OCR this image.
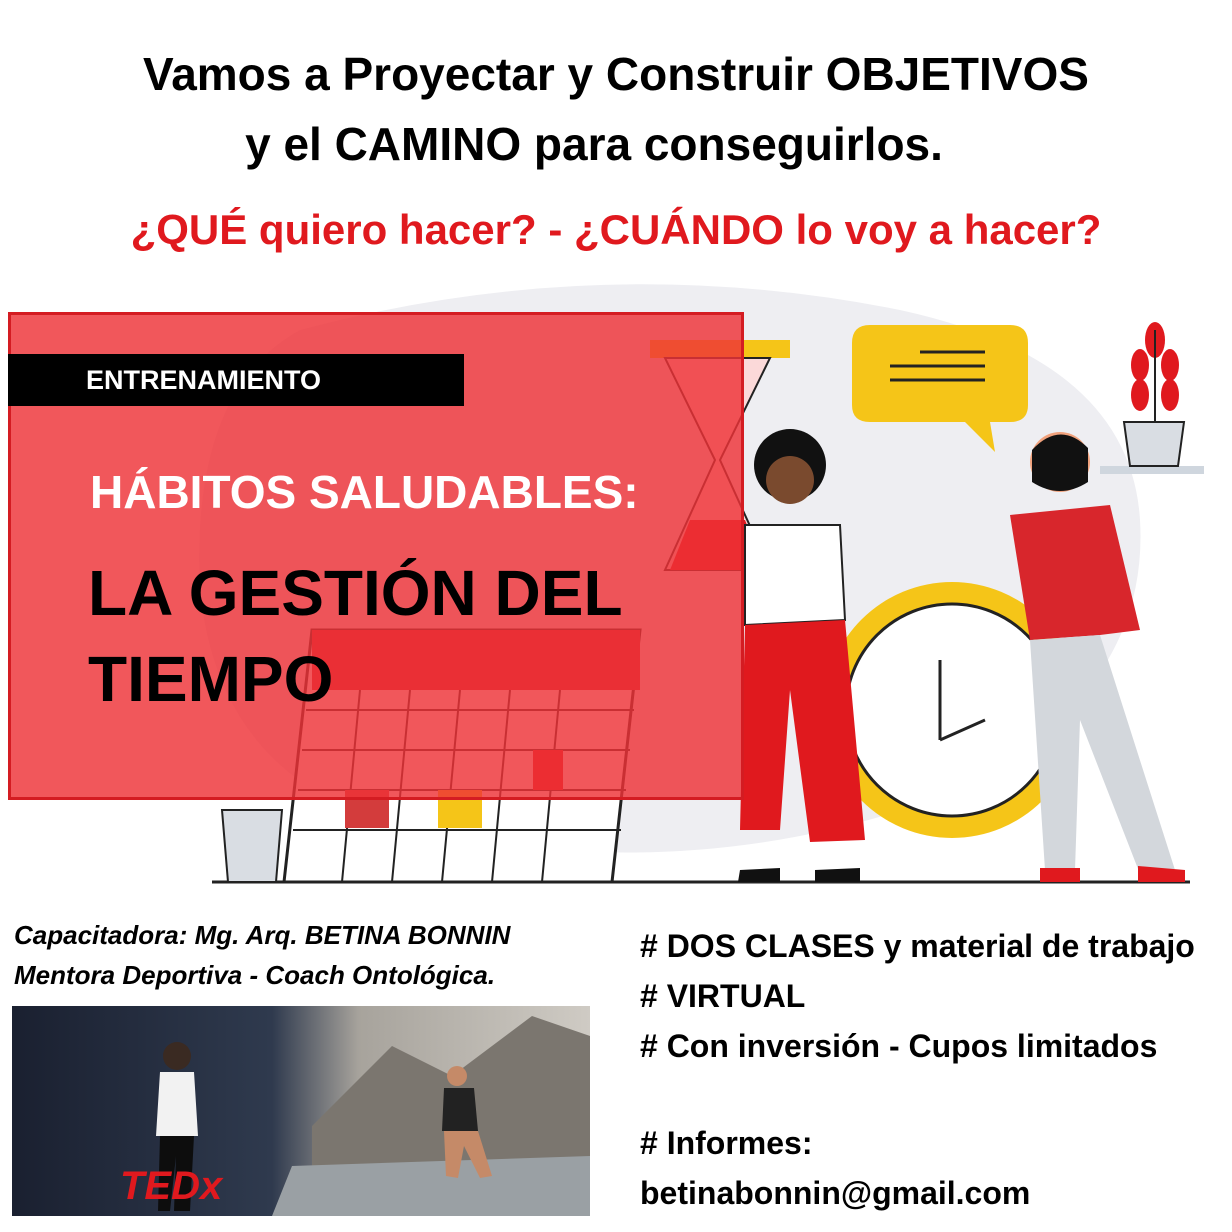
Vamos a Proyectar y Construir OBJETIVOS
y el CAMINO para conseguirlos.
¿QUÉ quiero hacer? - ¿CUÁNDO lo voy a hacer?
ENTRENAMIENTO
HÁBITOS SALUDABLES:
LA GESTIÓN DEL
TIEMPO
Capacitadora: Mg. Arq. BETINA BONNIN
Mentora Deportiva - Coach Ontológica.
TEDx
# DOS CLASES y material de trabajo
# VIRTUAL
# Con inversión - Cupos limitados
# Informes:
betinabonnin@gmail.com
